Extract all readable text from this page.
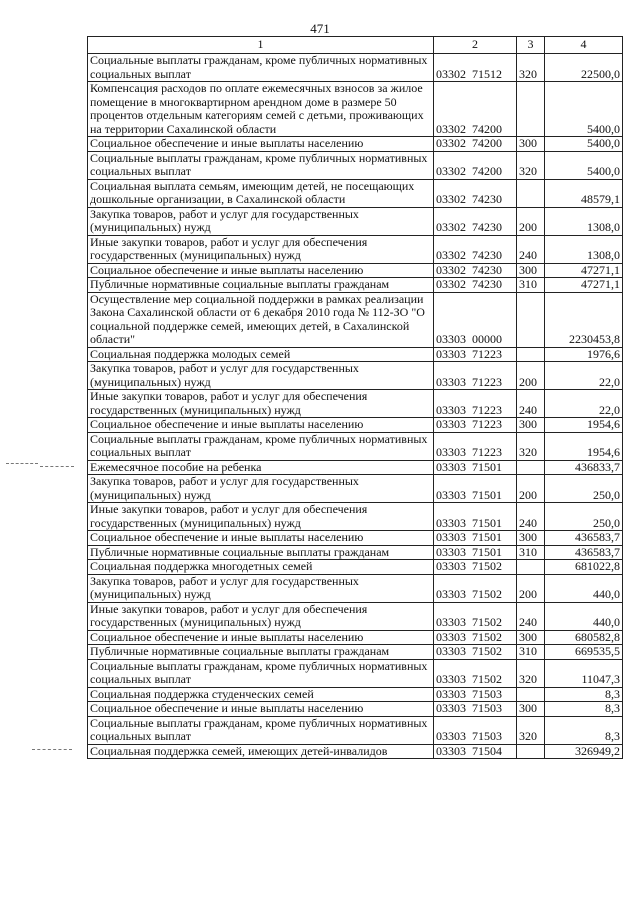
471
1	2	3	4
Социальные выплаты гражданам, кроме публичных нормативных социальных выплат	03302  71512	320	22500,0
Компенсация расходов по оплате ежемесячных взносов за жилое помещение в многоквартирном арендном доме в размере 50 процентов отдельным категориям семей с детьми, проживающих на территории Сахалинской области	03302  74200		5400,0
Социальное обеспечение и иные выплаты населению	03302  74200	300	5400,0
Социальные выплаты гражданам, кроме публичных нормативных социальных выплат	03302  74200	320	5400,0
Социальная выплата семьям, имеющим детей, не посещающих дошкольные организации, в Сахалинской области	03302  74230		48579,1
Закупка товаров, работ и услуг для государственных (муниципальных) нужд	03302  74230	200	1308,0
Иные закупки товаров, работ и услуг для обеспечения государственных (муниципальных) нужд	03302  74230	240	1308,0
Социальное обеспечение и иные выплаты населению	03302  74230	300	47271,1
Публичные нормативные социальные выплаты гражданам	03302  74230	310	47271,1
Осуществление мер социальной поддержки в рамках реализации Закона Сахалинской области от 6 декабря 2010 года № 112-ЗО "О социальной поддержке семей, имеющих детей, в Сахалинской области"	03303  00000		2230453,8
Социальная поддержка молодых семей	03303  71223		1976,6
Закупка товаров, работ и услуг для государственных (муниципальных) нужд	03303  71223	200	22,0
Иные закупки товаров, работ и услуг для обеспечения государственных (муниципальных) нужд	03303  71223	240	22,0
Социальное обеспечение и иные выплаты населению	03303  71223	300	1954,6
Социальные выплаты гражданам, кроме публичных нормативных социальных выплат	03303  71223	320	1954,6
Ежемесячное пособие на ребенка	03303  71501		436833,7
Закупка товаров, работ и услуг для государственных (муниципальных) нужд	03303  71501	200	250,0
Иные закупки товаров, работ и услуг для обеспечения государственных (муниципальных) нужд	03303  71501	240	250,0
Социальное обеспечение и иные выплаты населению	03303  71501	300	436583,7
Публичные нормативные социальные выплаты гражданам	03303  71501	310	436583,7
Социальная поддержка многодетных семей	03303  71502		681022,8
Закупка товаров, работ и услуг для государственных (муниципальных) нужд	03303  71502	200	440,0
Иные закупки товаров, работ и услуг для обеспечения государственных (муниципальных) нужд	03303  71502	240	440,0
Социальное обеспечение и иные выплаты населению	03303  71502	300	680582,8
Публичные нормативные социальные выплаты гражданам	03303  71502	310	669535,5
Социальные выплаты гражданам, кроме публичных нормативных социальных выплат	03303  71502	320	11047,3
Социальная поддержка студенческих семей	03303  71503		8,3
Социальное обеспечение и иные выплаты населению	03303  71503	300	8,3
Социальные выплаты гражданам, кроме публичных нормативных социальных выплат	03303  71503	320	8,3
Социальная поддержка семей, имеющих детей-инвалидов	03303  71504		326949,2
